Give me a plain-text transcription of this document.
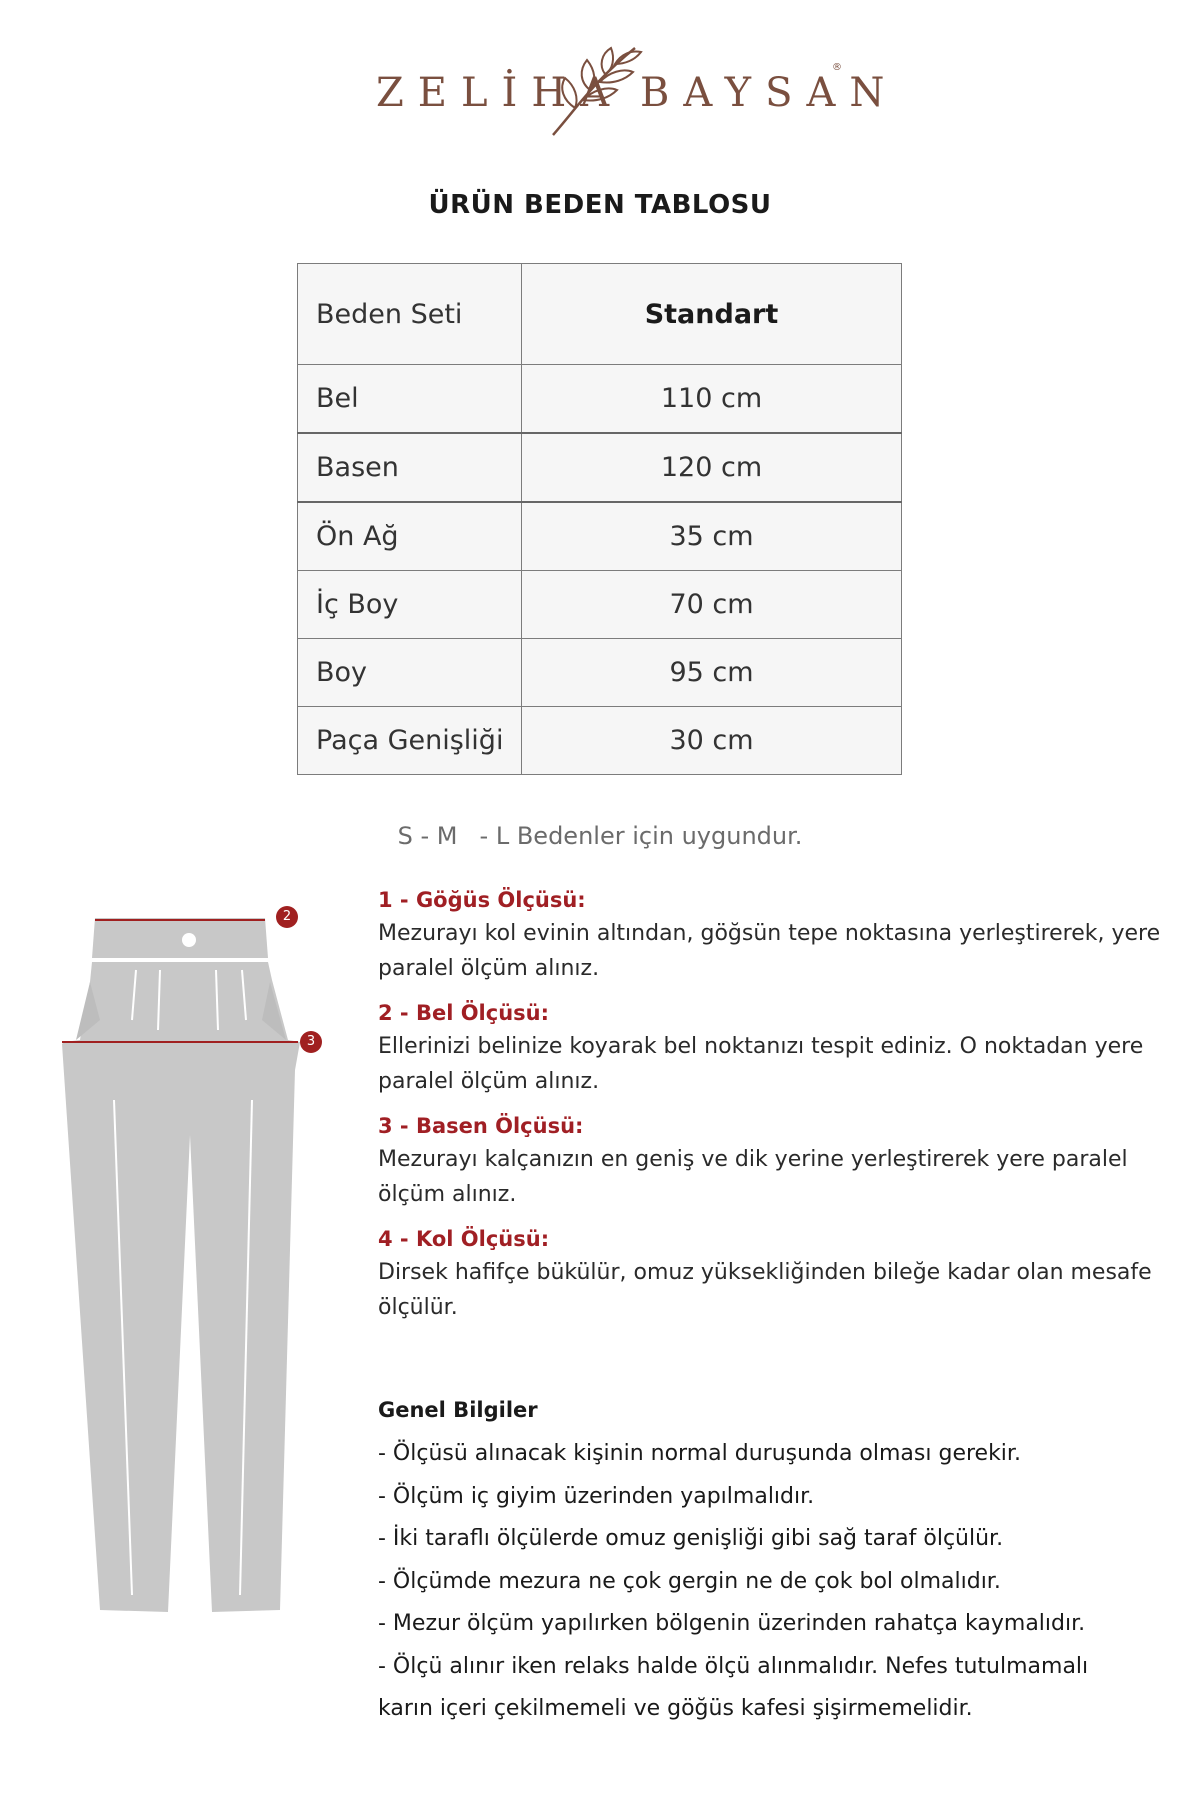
ZELİHA BAYSAN
®
ÜRÜN BEDEN TABLOSU
Beden Seti	Standart
Bel	110 cm
Basen	120 cm
Ön Ağ	35 cm
İç Boy	70 cm
Boy	95 cm
Paça Genişliği	30 cm
S - M - L Bedenler için uygundur.
2
3
1 - Göğüs Ölçüsü:
Mezurayı kol evinin altından, göğsün tepe noktasına yerleştirerek, yere paralel ölçüm alınız.
2 - Bel Ölçüsü:
Ellerinizi belinize koyarak bel noktanızı tespit ediniz. O noktadan yere paralel ölçüm alınız.
3 - Basen Ölçüsü:
Mezurayı kalçanızın en geniş ve dik yerine yerleştirerek yere paralel ölçüm alınız.
4 - Kol Ölçüsü:
Dirsek hafifçe bükülür, omuz yüksekliğinden bileğe kadar olan mesafe ölçülür.
Genel Bilgiler
- Ölçüsü alınacak kişinin normal duruşunda olması gerekir.
- Ölçüm iç giyim üzerinden yapılmalıdır.
- İki taraflı ölçülerde omuz genişliği gibi sağ taraf ölçülür.
- Ölçümde mezura ne çok gergin ne de çok bol olmalıdır.
- Mezur ölçüm yapılırken bölgenin üzerinden rahatça kaymalıdır.
- Ölçü alınır iken relaks halde ölçü alınmalıdır. Nefes tutulmamalı
karın içeri çekilmemeli ve göğüs kafesi şişirmemelidir.
